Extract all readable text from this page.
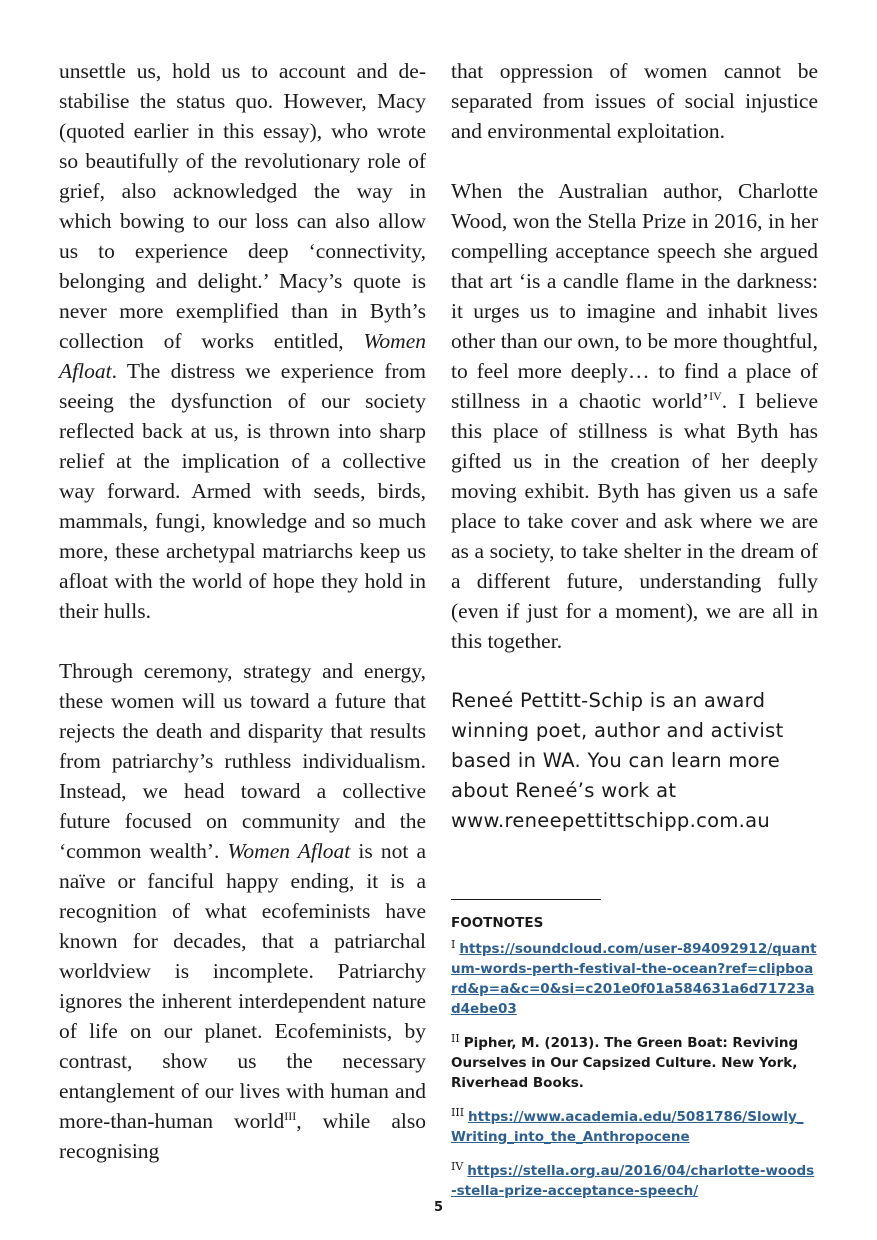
unsettle us, hold us to account and de-stabilise the status quo. However, Macy (quoted earlier in this essay), who wrote so beautifully of the revolutionary role of grief, also acknowledged the way in which bowing to our loss can also allow us to experience deep ‘connectivity, belonging and delight.’ Macy’s quote is never more exemplified than in Byth’s collection of works entitled, Women Afloat. The distress we experience from seeing the dysfunction of our society reflected back at us, is thrown into sharp relief at the implication of a collective way forward. Armed with seeds, birds, mammals, fungi, knowledge and so much more, these archetypal matriarchs keep us afloat with the world of hope they hold in their hulls.

Through ceremony, strategy and energy, these women will us toward a future that rejects the death and disparity that results from patriarchy’s ruthless individualism. Instead, we head toward a collective future focused on community and the ‘common wealth’. Women Afloat is not a naïve or fanciful happy ending, it is a recognition of what ecofeminists have known for decades, that a patriarchal worldview is incomplete. Patriarchy ignores the inherent interdependent nature of life on our planet. Ecofeminists, by contrast, show us the necessary entanglement of our lives with human and more-than-human world$^{III}$, while also recognising

that oppression of women cannot be separated from issues of social injustice and environmental exploitation.

When the Australian author, Charlotte Wood, won the Stella Prize in 2016, in her compelling acceptance speech she argued that art ‘is a candle flame in the darkness: it urges us to imagine and inhabit lives other than our own, to be more thoughtful, to feel more deeply… to find a place of stillness in a chaotic world’$^{IV}$. I believe this place of stillness is what Byth has gifted us in the creation of her deeply moving exhibit. Byth has given us a safe place to take cover and ask where we are as a society, to take shelter in the dream of a different future, understanding fully (even if just for a moment), we are all in this together.

Reneé Pettitt-Schip is an award winning poet, author and activist based in WA. You can learn more about Reneé’s work at
www.reneepettittschipp.com.au
FOOTNOTES
$^I$ https://soundcloud.com/user-894092912/quantum-words-perth-festival-the-ocean?ref=clipboard&p=a&c=0&si=c201e0f01a584631a6d71723ad4ebe03
$^{II}$ Pipher, M. (2013). The Green Boat: Reviving Ourselves in Our Capsized Culture. New York, Riverhead Books.
$^{III}$ https://www.academia.edu/5081786/Slowly_Writing_into_the_Anthropocene
$^{IV}$ https://stella.org.au/2016/04/charlotte-woods-stella-prize-acceptance-speech/
5
